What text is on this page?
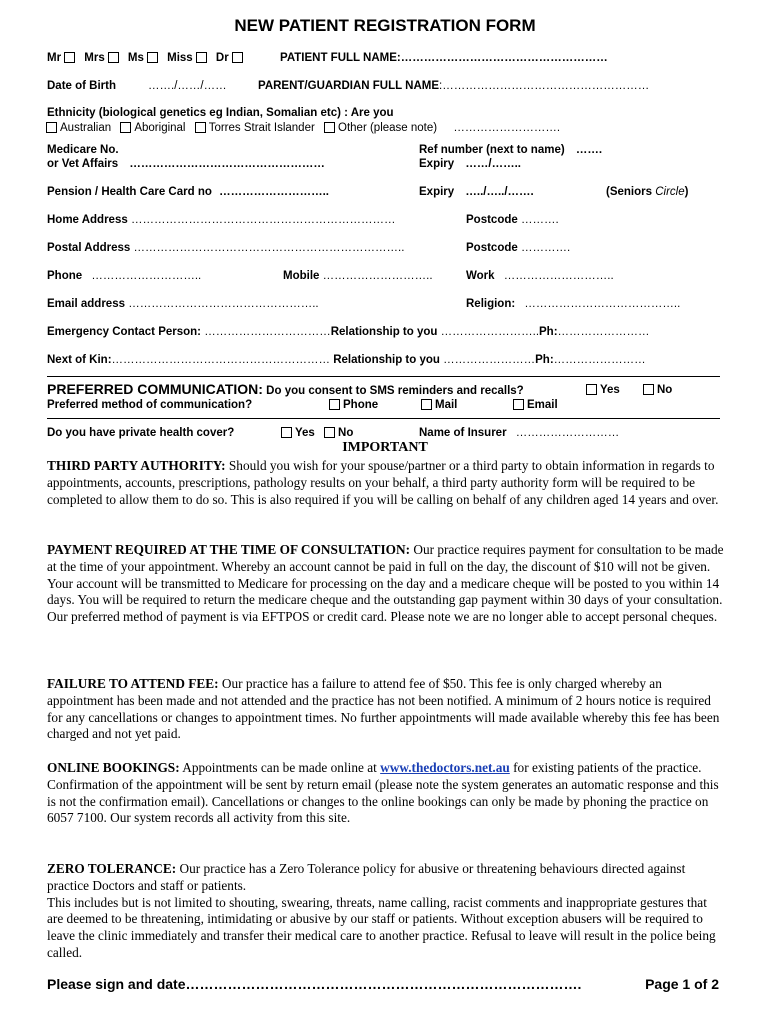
NEW PATIENT REGISTRATION FORM
Mr Mrs Ms Miss Dr	PATIENT FULL NAME:………………………………………………
Date of Birth	……./……/……	PARENT/GUARDIAN FULL NAME:………………………………………………
Ethnicity (biological genetics eg Indian, Somalian etc) : Are you
Australian Aboriginal Torres Strait Islander Other (please note) ……………………….
Medicare No.
or Vet Affairs ……………………………………………
Ref number (next to name) …….
Expiry ……/……..
Pension / Health Care Card no ………………………..	Expiry …../…../…….	(Seniors Circle)
Home Address ……………………………………………………………	Postcode ……….
Postal Address ……………………………………………………………..	Postcode ………….
Phone ………………………..	Mobile ………………………..	Work ………………………..
Email address …………………………………………..	Religion: …………………………………..
Emergency Contact Person: ……………………………Relationship to you ……………………..Ph:……………………
Next of Kin:………………………………………………… Relationship to you ……………………Ph:……………………
PREFERRED COMMUNICATION: Do you consent to SMS reminders and recalls?	Yes	No
Preferred method of communication?	Phone	Mail	Email
Do you have private health cover?	Yes No	Name of Insurer ………………………
IMPORTANT
THIRD PARTY AUTHORITY: Should you wish for your spouse/partner or a third party to obtain information in regards to appointments, accounts, prescriptions, pathology results on your behalf, a third party authority form will be required to be completed to allow them to do so. This is also required if you will be calling on behalf of any children aged 14 years and over.
PAYMENT REQUIRED AT THE TIME OF CONSULTATION: Our practice requires payment for consultation to be made at the time of your appointment. Whereby an account cannot be paid in full on the day, the discount of $10 will not be given. Your account will be transmitted to Medicare for processing on the day and a medicare cheque will be posted to you within 14 days. You will be required to return the medicare cheque and the outstanding gap payment within 30 days of your consultation. Our preferred method of payment is via EFTPOS or credit card. Please note we are no longer able to accept personal cheques.
FAILURE TO ATTEND FEE: Our practice has a failure to attend fee of $50. This fee is only charged whereby an appointment has been made and not attended and the practice has not been notified. A minimum of 2 hours notice is required for any cancellations or changes to appointment times. No further appointments will made available whereby this fee has been charged and not yet paid.
ONLINE BOOKINGS: Appointments can be made online at www.thedoctors.net.au for existing patients of the practice. Confirmation of the appointment will be sent by return email (please note the system generates an automatic response and this is not the confirmation email). Cancellations or changes to the online bookings can only be made by phoning the practice on 6057 7100. Our system records all activity from this site.
ZERO TOLERANCE: Our practice has a Zero Tolerance policy for abusive or threatening behaviours directed against practice Doctors and staff or patients.
This includes but is not limited to shouting, swearing, threats, name calling, racist comments and inappropriate gestures that are deemed to be threatening, intimidating or abusive by our staff or patients. Without exception abusers will be required to leave the clinic immediately and transfer their medical care to another practice. Refusal to leave will result in the police being called.
Please sign and date………………………………………………………………………….	Page 1 of 2
